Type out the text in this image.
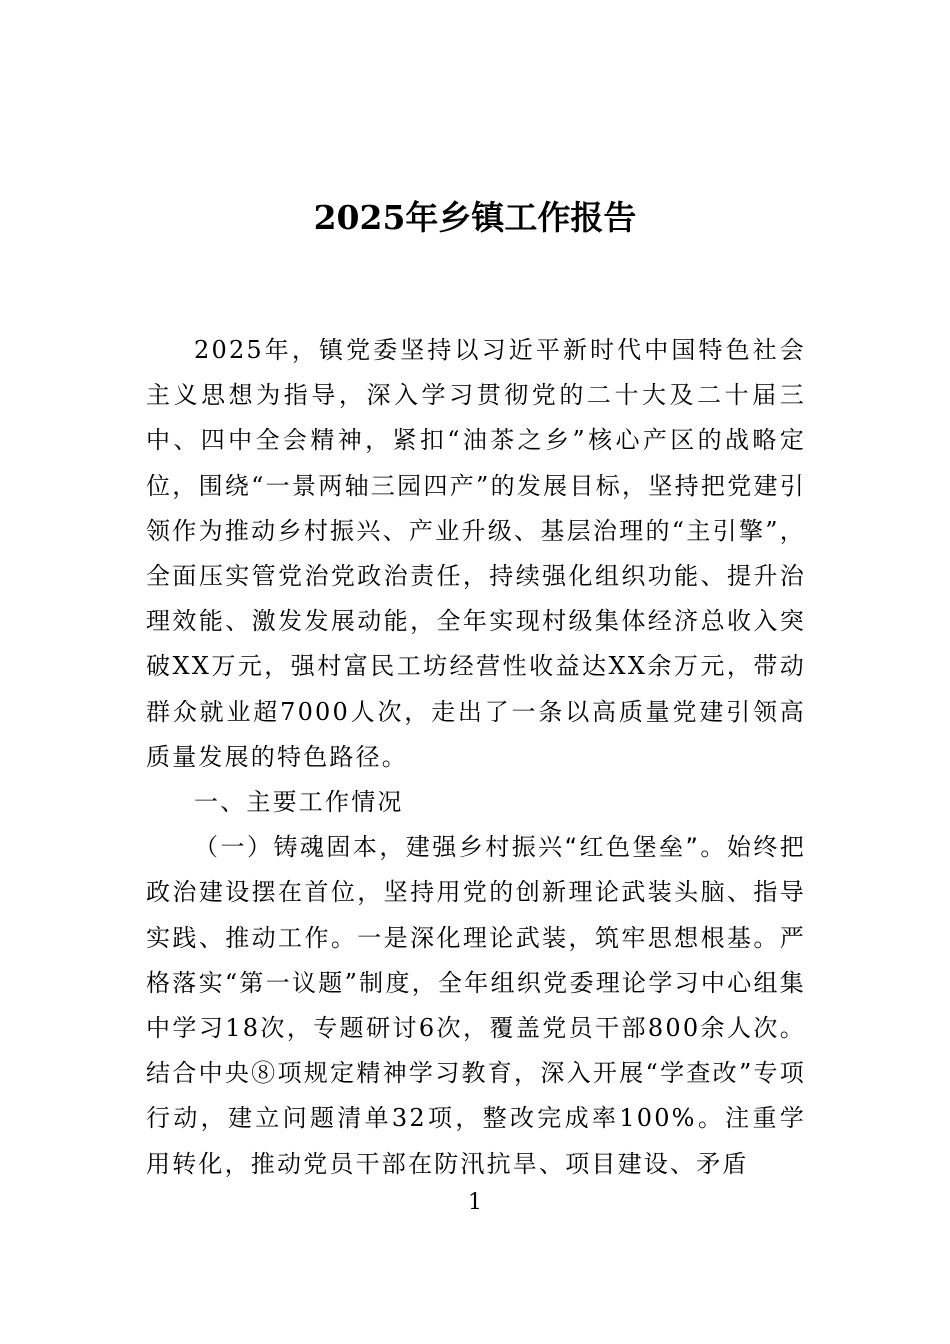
2025年乡镇工作报告

2025年，镇党委坚持以习近平新时代中国特色社会主义思想为指导，深入学习贯彻党的二十大及二十届三中、四中全会精神，紧扣“油茶之乡”核心产区的战略定位，围绕“一景两轴三园四产”的发展目标，坚持把党建引领作为推动乡村振兴、产业升级、基层治理的“主引擎”，全面压实管党治党政治责任，持续强化组织功能、提升治理效能、激发发展动能，全年实现村级集体经济总收入突破XX万元，强村富民工坊经营性收益达XX余万元，带动群众就业超7000人次，走出了一条以高质量党建引领高质量发展的特色路径。

一、主要工作情况

（一）铸魂固本，建强乡村振兴“红色堡垒”。始终把政治建设摆在首位，坚持用党的创新理论武装头脑、指导实践、推动工作。一是深化理论武装，筑牢思想根基。严格落实“第一议题”制度，全年组织党委理论学习中心组集中学习18次，专题研讨6次，覆盖党员干部800余人次。结合中央⑧项规定精神学习教育，深入开展“学查改”专项行动，建立问题清单32项，整改完成率100%。注重学用转化，推动党员干部在防汛抗旱、项目建设、矛盾

1
